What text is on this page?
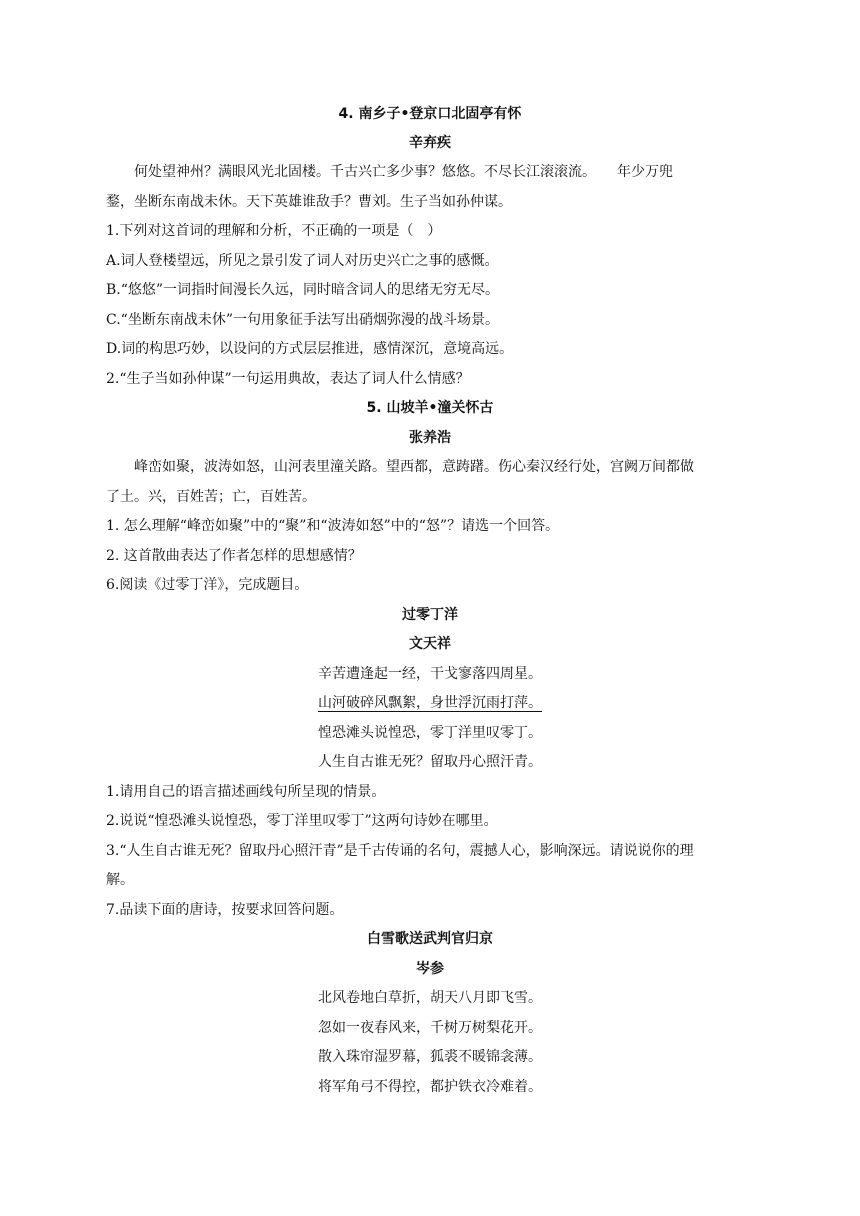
4. 南乡子•登京口北固亭有怀
辛弃疾
何处望神州？满眼风光北固楼。千古兴亡多少事？悠悠。不尽长江滚滚流。　　年少万兜
鍪，坐断东南战未休。天下英雄谁敌手？曹刘。生子当如孙仲谋。
1.下列对这首词的理解和分析，不正确的一项是（　）
A.词人登楼望远，所见之景引发了词人对历史兴亡之事的感慨。
B.“悠悠”一词指时间漫长久远，同时暗含词人的思绪无穷无尽。
C.“坐断东南战未休”一句用象征手法写出硝烟弥漫的战斗场景。
D.词的构思巧妙，以设问的方式层层推进，感情深沉，意境高远。
2.“生子当如孙仲谋”一句运用典故，表达了词人什么情感？
5. 山坡羊•潼关怀古
张养浩
峰峦如聚，波涛如怒，山河表里潼关路。望西都，意踌躇。伤心秦汉经行处，宫阙万间都做
了土。兴，百姓苦；亡，百姓苦。
1. 怎么理解“峰峦如聚”中的“聚”和“波涛如怒”中的“怒”？请选一个回答。
2. 这首散曲表达了作者怎样的思想感情？
6.阅读《过零丁洋》，完成题目。
过零丁洋
文天祥
辛苦遭逢起一经，干戈寥落四周星。
山河破碎风飘絮，身世浮沉雨打萍。
惶恐滩头说惶恐，零丁洋里叹零丁。
人生自古谁无死？留取丹心照汗青。
1.请用自己的语言描述画线句所呈现的情景。
2.说说“惶恐滩头说惶恐，零丁洋里叹零丁”这两句诗妙在哪里。
3.“人生自古谁无死？留取丹心照汗青”是千古传诵的名句，震撼人心，影响深远。请说说你的理
解。
7.品读下面的唐诗，按要求回答问题。
白雪歌送武判官归京
岑参
北风卷地白草折，胡天八月即飞雪。
忽如一夜春风来，千树万树梨花开。
散入珠帘湿罗幕，狐裘不暖锦衾薄。
将军角弓不得控，都护铁衣冷难着。
